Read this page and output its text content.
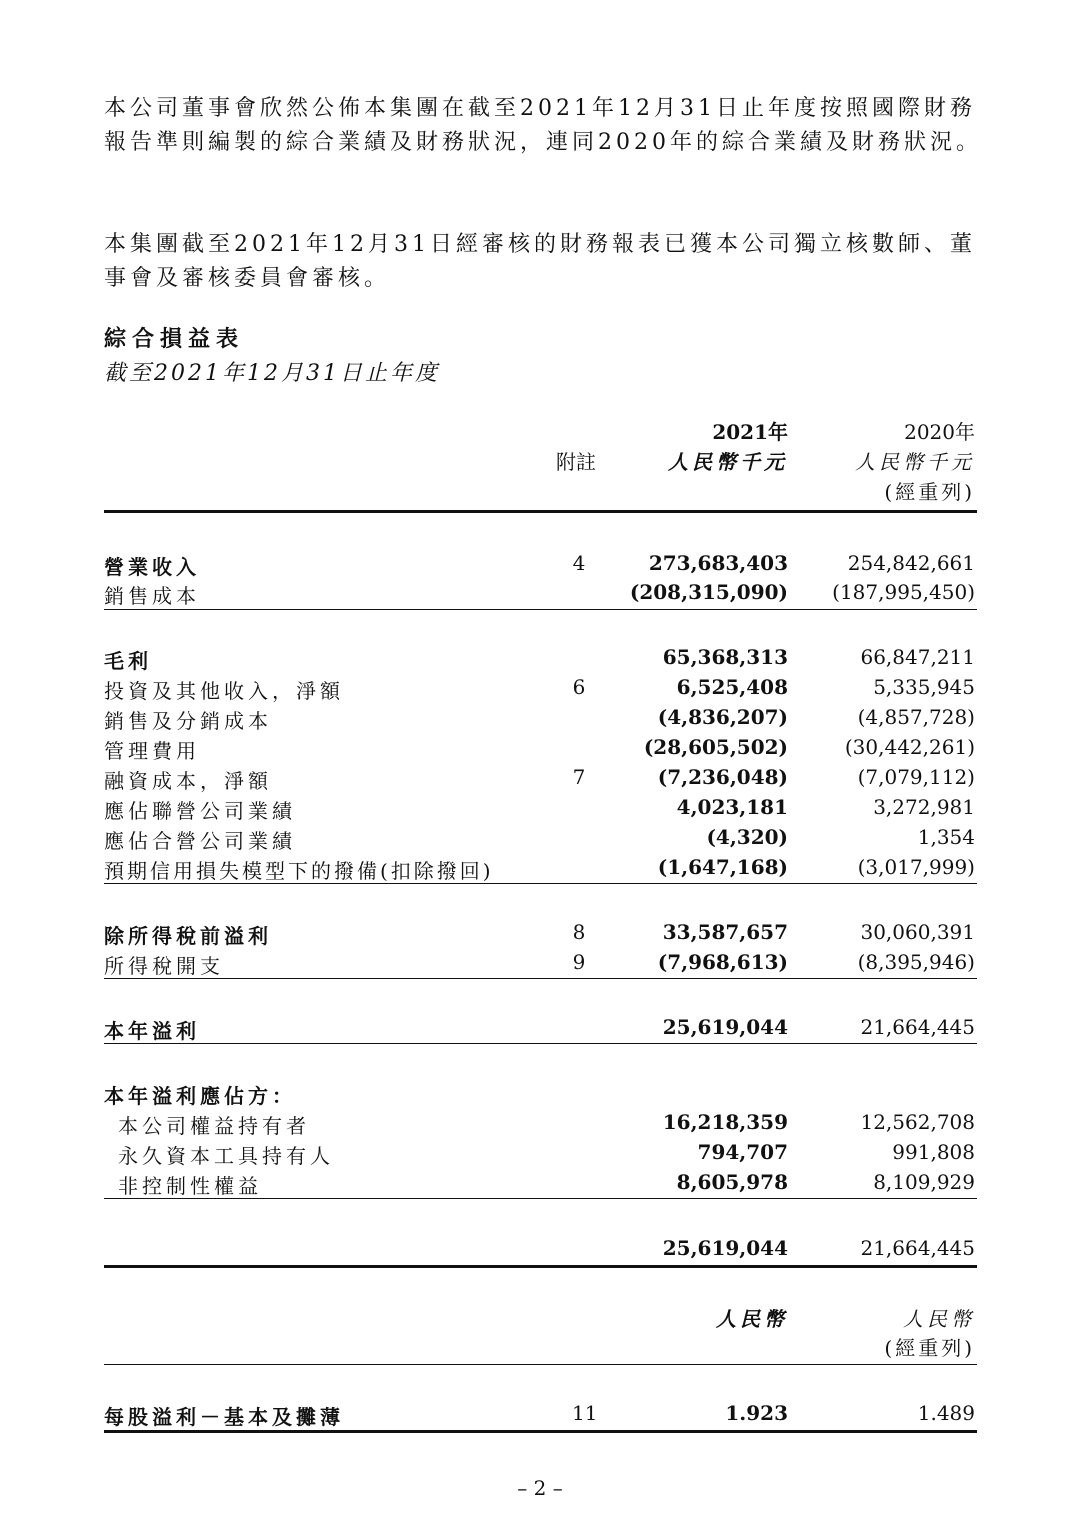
本公司董事會欣然公佈本集團在截至2021年12月31日止年度按照國際財務報告準則編製的綜合業績及財務狀況，連同2020年的綜合業績及財務狀況。

本集團截至2021年12月31日經審核的財務報表已獲本公司獨立核數師、董事會及審核委員會審核。

綜合損益表
截至2021年12月31日止年度
2021年	2020年
附註	人民幣千元	人民幣千元
(經重列)
營業收入	4	273,683,403	254,842,661
銷售成本	(208,315,090) (187,995,450)
毛利	65,368,313	66,847,211
投資及其他收入，淨額	6	6,525,408	5,335,945
銷售及分銷成本	(4,836,207)	(4,857,728)
管理費用	(28,605,502)	(30,442,261)
融資成本，淨額	7	(7,236,048)	(7,079,112)
應佔聯營公司業績	4,023,181	3,272,981
應佔合營公司業績	(4,320)	1,354
預期信用損失模型下的撥備(扣除撥回)	(1,647,168)	(3,017,999)
除所得稅前溢利	8	33,587,657	30,060,391
所得稅開支	9	(7,968,613)	(8,395,946)
本年溢利	25,619,044	21,664,445
本年溢利應佔方：
本公司權益持有者	16,218,359	12,562,708
永久資本工具持有人	794,707	991,808
非控制性權益	8,605,978	8,109,929
25,619,044	21,664,445
人民幣	人民幣
(經重列)
每股溢利－基本及攤薄	11	1.923	1.489
– 2 –
